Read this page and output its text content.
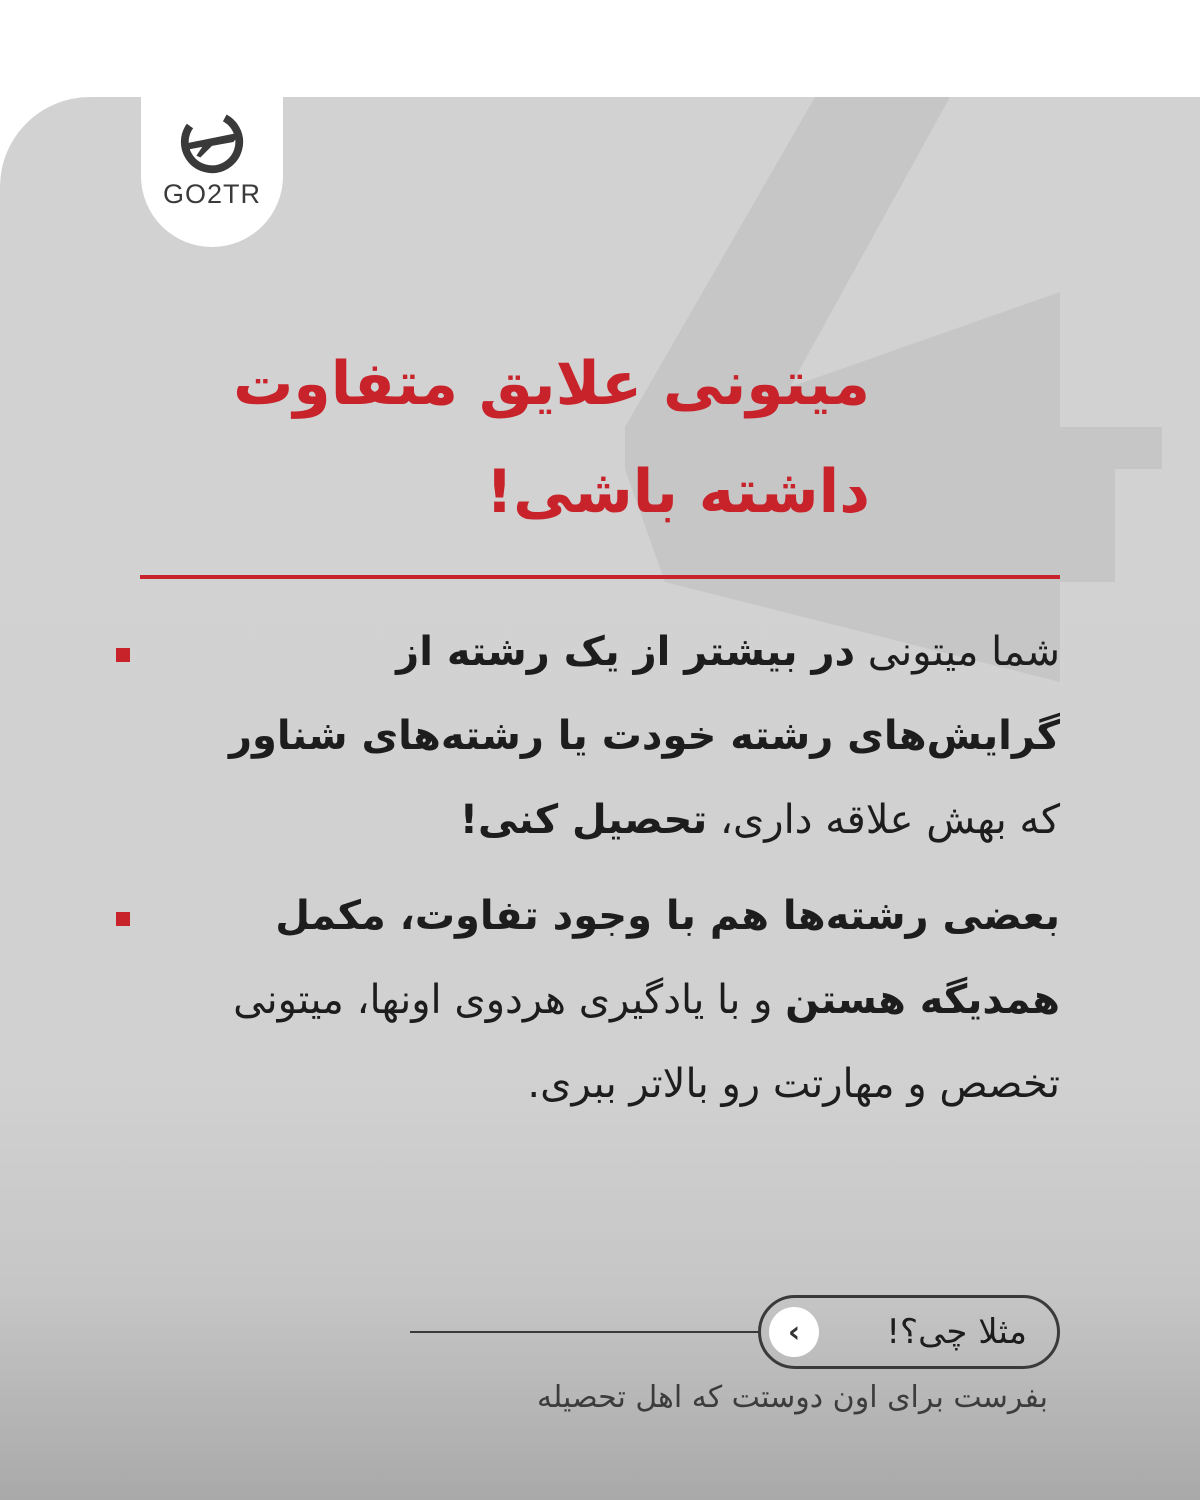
GO2TR
میتونی علایق متفاوت
داشته باشی!
شما میتونی در بیشتر از یک رشته از گرایش‌های رشته خودت یا رشته‌های شناور که بهش علاقه داری، تحصیل کنی!
بعضی رشته‌ها هم با وجود تفاوت، مکمل همدیگه هستن و با یادگیری هردوی اونها، میتونی تخصص و مهارتت رو بالاتر ببری.
مثلا چی؟!
›
بفرست برای اون دوستت که اهل تحصیله
